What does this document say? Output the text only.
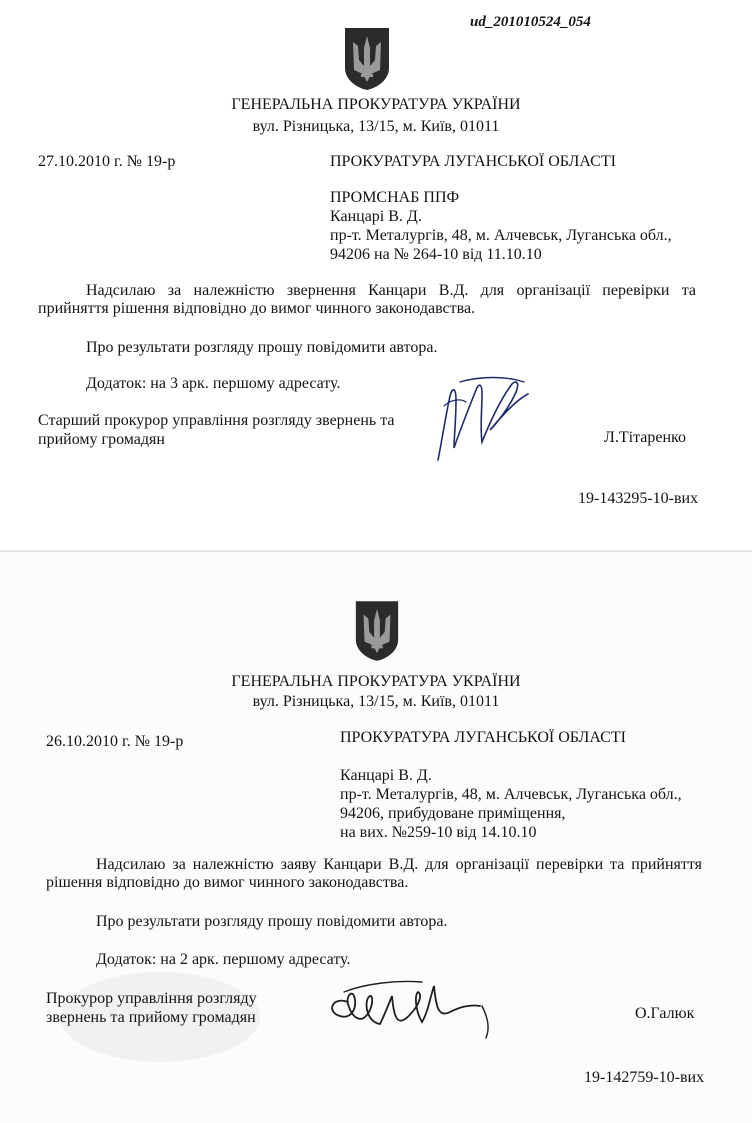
ud_201010524_054
ГЕНЕРАЛЬНА ПРОКУРАТУРА УКРАЇНИ
вул. Різницька, 13/15, м. Київ, 01011
27.10.2010 г. № 19-р	ПРОКУРАТУРА ЛУГАНСЬКОЇ ОБЛАСТІ
ПРОМСНАБ ППФ
Канцарі В. Д.
пр-т. Металургів, 48, м. Алчевськ, Луганська обл.,
94206 на № 264-10 від 11.10.10
Надсилаю за належністю звернення Канцари В.Д. для організації перевірки та прийняття рішення відповідно до вимог чинного законодавства.
Про результати розгляду прошу повідомити автора.
Додаток: на 3 арк. першому адресату.
Старший прокурор управління розгляду звернень та
прийому громадян	Л.Тітаренко
19-143295-10-вих
ГЕНЕРАЛЬНА ПРОКУРАТУРА УКРАЇНИ
вул. Різницька, 13/15, м. Київ, 01011
26.10.2010 г. № 19-р	ПРОКУРАТУРА ЛУГАНСЬКОЇ ОБЛАСТІ
Канцарі В. Д.
пр-т. Металургів, 48, м. Алчевськ, Луганська обл.,
94206, прибудоване приміщення,
на вих. №259-10 від 14.10.10
Надсилаю за належністю заяву Канцари В.Д. для організації перевірки та прийняття рішення відповідно до вимог чинного законодавства.
Про результати розгляду прошу повідомити автора.
Додаток: на 2 арк. першому адресату.
Прокурор управління розгляду
звернень та прийому громадян	О.Галюк
19-142759-10-вих
